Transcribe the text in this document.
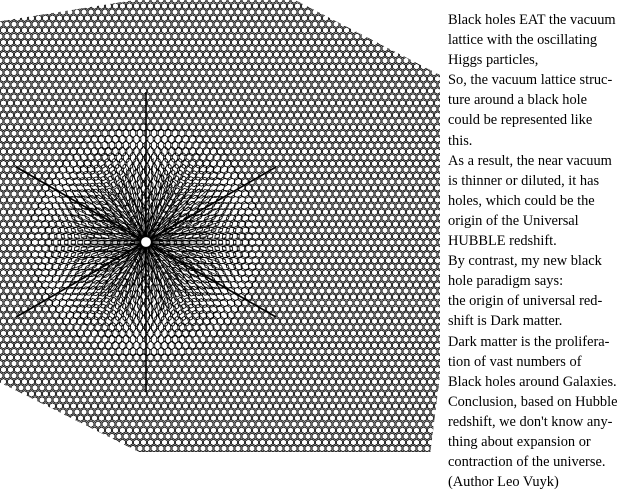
Black holes EAT the vacuum
lattice with the oscillating
Higgs particles,
So, the vacuum lattice struc-
ture around a black hole
could be represented like
this.
As a result, the near vacuum
is thinner or diluted, it has
holes, which could be the
origin of the Universal
HUBBLE redshift.
By contrast, my new black
hole paradigm says:
the origin of universal red-
shift is Dark matter.
Dark matter is the prolifera-
tion of vast numbers of
Black holes around Galaxies.
Conclusion, based on Hubble
redshift, we don't know any-
thing about expansion or
contraction of the universe.
(Author Leo Vuyk)
